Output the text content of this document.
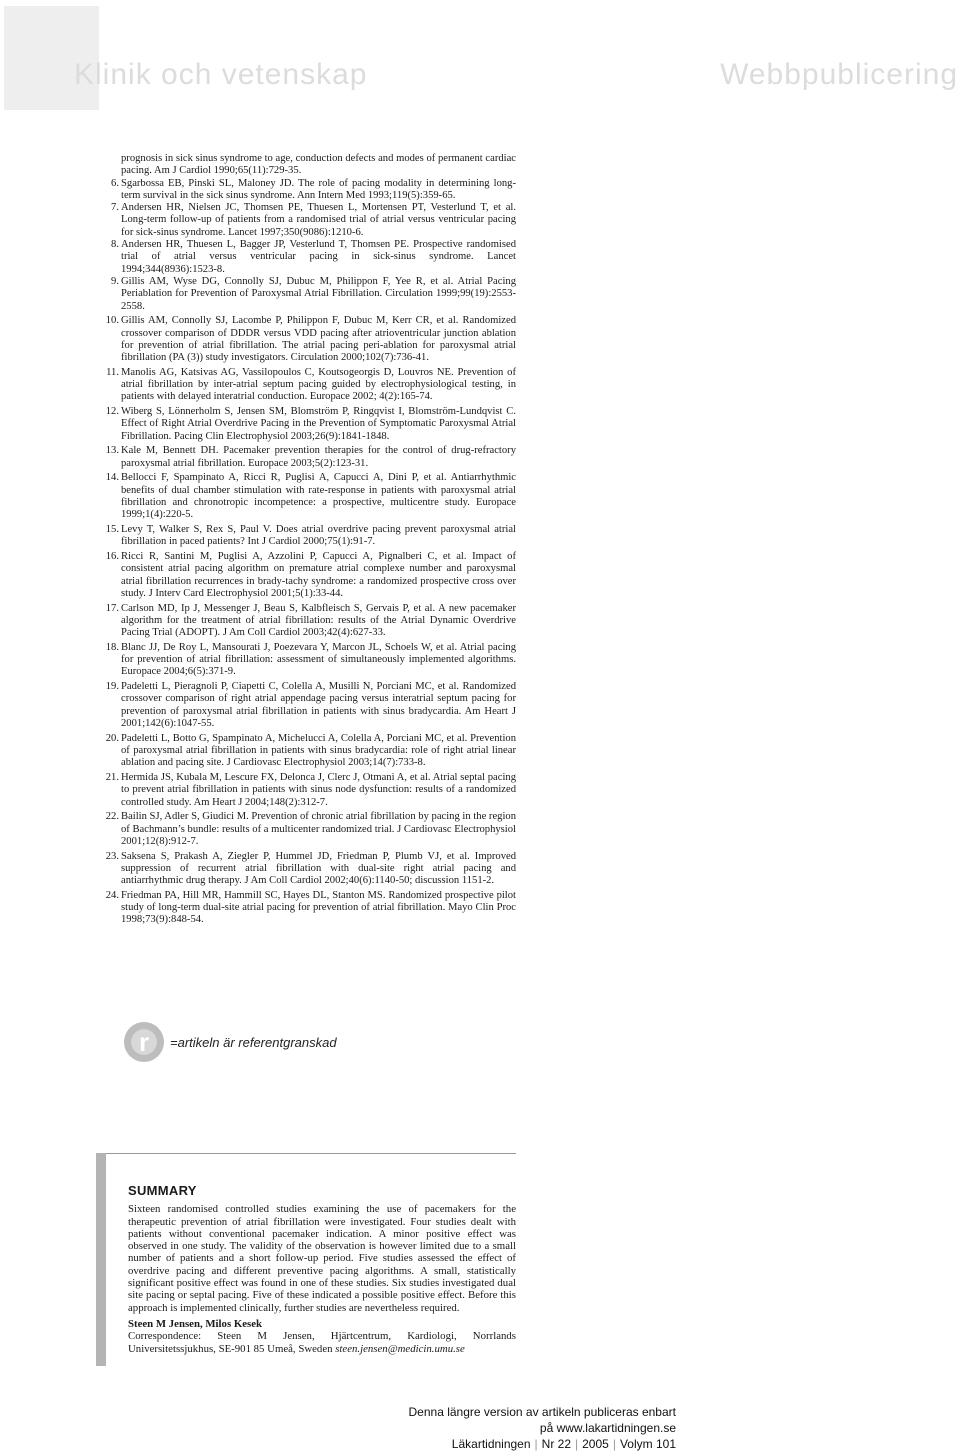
Klinik och vetenskap	Webbpublicering
prognosis in sick sinus syndrome to age, conduction defects and modes of permanent cardiac pacing. Am J Cardiol 1990;65(11):729-35.
6. Sgarbossa EB, Pinski SL, Maloney JD. The role of pacing modality in determining long-term survival in the sick sinus syndrome. Ann Intern Med 1993;119(5):359-65.
7. Andersen HR, Nielsen JC, Thomsen PE, Thuesen L, Mortensen PT, Vesterlund T, et al. Long-term follow-up of patients from a randomised trial of atrial versus ventricular pacing for sick-sinus syndrome. Lancet 1997;350(9086):1210-6.
8. Andersen HR, Thuesen L, Bagger JP, Vesterlund T, Thomsen PE. Prospective randomised trial of atrial versus ventricular pacing in sick-sinus syndrome. Lancet 1994;344(8936):1523-8.
9. Gillis AM, Wyse DG, Connolly SJ, Dubuc M, Philippon F, Yee R, et al. Atrial Pacing Periablation for Prevention of Paroxysmal Atrial Fibrillation. Circulation 1999;99(19):2553-2558.
10. Gillis AM, Connolly SJ, Lacombe P, Philippon F, Dubuc M, Kerr CR, et al. Randomized crossover comparison of DDDR versus VDD pacing after atrioventricular junction ablation for prevention of atrial fibrillation. The atrial pacing peri-ablation for paroxysmal atrial fibrillation (PA (3)) study investigators. Circulation 2000;102(7):736-41.
11. Manolis AG, Katsivas AG, Vassilopoulos C, Koutsogeorgis D, Louvros NE. Prevention of atrial fibrillation by inter-atrial septum pacing guided by electrophysiological testing, in patients with delayed interatrial conduction. Europace 2002; 4(2):165-74.
12. Wiberg S, Lönnerholm S, Jensen SM, Blomström P, Ringqvist I, Blomström-Lundqvist C. Effect of Right Atrial Overdrive Pacing in the Prevention of Symptomatic Paroxysmal Atrial Fibrillation. Pacing Clin Electrophysiol 2003;26(9):1841-1848.
13. Kale M, Bennett DH. Pacemaker prevention therapies for the control of drug-refractory paroxysmal atrial fibrillation. Europace 2003;5(2):123-31.
14. Bellocci F, Spampinato A, Ricci R, Puglisi A, Capucci A, Dini P, et al. Antiarrhythmic benefits of dual chamber stimulation with rate-response in patients with paroxysmal atrial fibrillation and chronotropic incompetence: a prospective, multicentre study. Europace 1999;1(4):220-5.
15. Levy T, Walker S, Rex S, Paul V. Does atrial overdrive pacing prevent paroxysmal atrial fibrillation in paced patients? Int J Cardiol 2000;75(1):91-7.
16. Ricci R, Santini M, Puglisi A, Azzolini P, Capucci A, Pignalberi C, et al. Impact of consistent atrial pacing algorithm on premature atrial complexe number and paroxysmal atrial fibrillation recurrences in brady-tachy syndrome: a randomized prospective cross over study. J Interv Card Electrophysiol 2001;5(1):33-44.
17. Carlson MD, Ip J, Messenger J, Beau S, Kalbfleisch S, Gervais P, et al. A new pacemaker algorithm for the treatment of atrial fibrillation: results of the Atrial Dynamic Overdrive Pacing Trial (ADOPT). J Am Coll Cardiol 2003;42(4):627-33.
18. Blanc JJ, De Roy L, Mansourati J, Poezevara Y, Marcon JL, Schoels W, et al. Atrial pacing for prevention of atrial fibrillation: assessment of simultaneously implemented algorithms. Europace 2004;6(5):371-9.
19. Padeletti L, Pieragnoli P, Ciapetti C, Colella A, Musilli N, Porciani MC, et al. Randomized crossover comparison of right atrial appendage pacing versus interatrial septum pacing for prevention of paroxysmal atrial fibrillation in patients with sinus bradycardia. Am Heart J 2001;142(6):1047-55.
20. Padeletti L, Botto G, Spampinato A, Michelucci A, Colella A, Porciani MC, et al. Prevention of paroxysmal atrial fibrillation in patients with sinus bradycardia: role of right atrial linear ablation and pacing site. J Cardiovasc Electrophysiol 2003;14(7):733-8.
21. Hermida JS, Kubala M, Lescure FX, Delonca J, Clerc J, Otmani A, et al. Atrial septal pacing to prevent atrial fibrillation in patients with sinus node dysfunction: results of a randomized controlled study. Am Heart J 2004;148(2):312-7.
22. Bailin SJ, Adler S, Giudici M. Prevention of chronic atrial fibrillation by pacing in the region of Bachmann’s bundle: results of a multicenter randomized trial. J Cardiovasc Electrophysiol 2001;12(8):912-7.
23. Saksena S, Prakash A, Ziegler P, Hummel JD, Friedman P, Plumb VJ, et al. Improved suppression of recurrent atrial fibrillation with dual-site right atrial pacing and antiarrhythmic drug therapy. J Am Coll Cardiol 2002;40(6):1140-50; discussion 1151-2.
24. Friedman PA, Hill MR, Hammill SC, Hayes DL, Stanton MS. Randomized prospective pilot study of long-term dual-site atrial pacing for prevention of atrial fibrillation. Mayo Clin Proc 1998;73(9):848-54.
r	=artikeln är referentgranskad
SUMMARY

Sixteen randomised controlled studies examining the use of pacemakers for the therapeutic prevention of atrial fibrillation were investigated. Four studies dealt with patients without conventional pacemaker indication. A minor positive effect was observed in one study. The validity of the observation is however limited due to a small number of patients and a short follow-up period. Five studies assessed the effect of overdrive pacing and different preventive pacing algorithms. A small, statistically significant positive effect was found in one of these studies. Six studies investigated dual site pacing or septal pacing. Five of these indicated a possible positive effect. Before this approach is implemented clinically, further studies are nevertheless required.

Steen M Jensen, Milos Kesek

Correspondence: Steen M Jensen, Hjärtcentrum, Kardiologi, Norrlands Universitetssjukhus, SE-901 85 Umeå, Sweden steen.jensen@medicin.umu.se

Denna längre version av artikeln publiceras enbart
på www.lakartidningen.se
Läkartidningen | Nr 22 | 2005 | Volym 101
